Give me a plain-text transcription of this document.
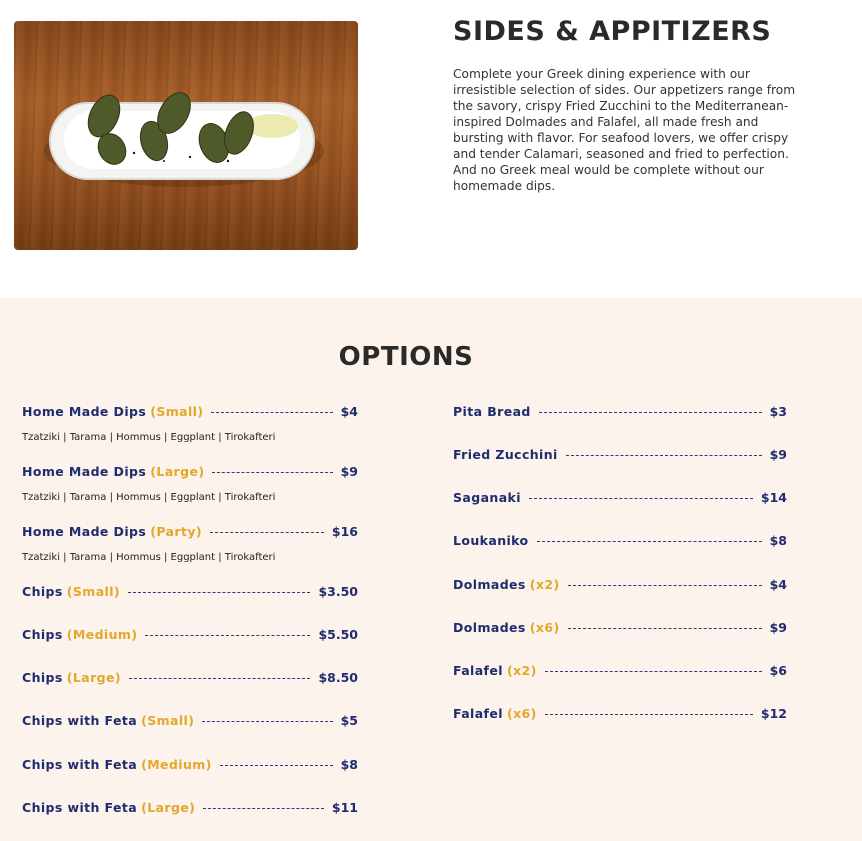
SIDES & APPITIZERS

Complete your Greek dining experience with our irresistible selection of sides. Our appetizers range from the savory, crispy Fried Zucchini to the Mediterranean-inspired Dolmades and Falafel, all made fresh and bursting with flavor. For seafood lovers, we offer crispy and tender Calamari, seasoned and fried to perfection. And no Greek meal would be complete without our homemade dips.

OPTIONS
Home Made Dips (Small)	$4
Tzatziki | Tarama | Hommus | Eggplant | Tirokafteri
Home Made Dips (Large)	$9
Tzatziki | Tarama | Hommus | Eggplant | Tirokafteri
Home Made Dips (Party)	$16
Tzatziki | Tarama | Hommus | Eggplant | Tirokafteri
Chips (Small)	$3.50
Chips (Medium)	$5.50
Chips (Large)	$8.50
Chips with Feta (Small)	$5
Chips with Feta (Medium)	$8
Chips with Feta (Large)	$11
Pita Bread	$3
Fried Zucchini	$9
Saganaki	$14
Loukaniko	$8
Dolmades (x2)	$4
Dolmades (x6)	$9
Falafel (x2)	$6
Falafel (x6)	$12
